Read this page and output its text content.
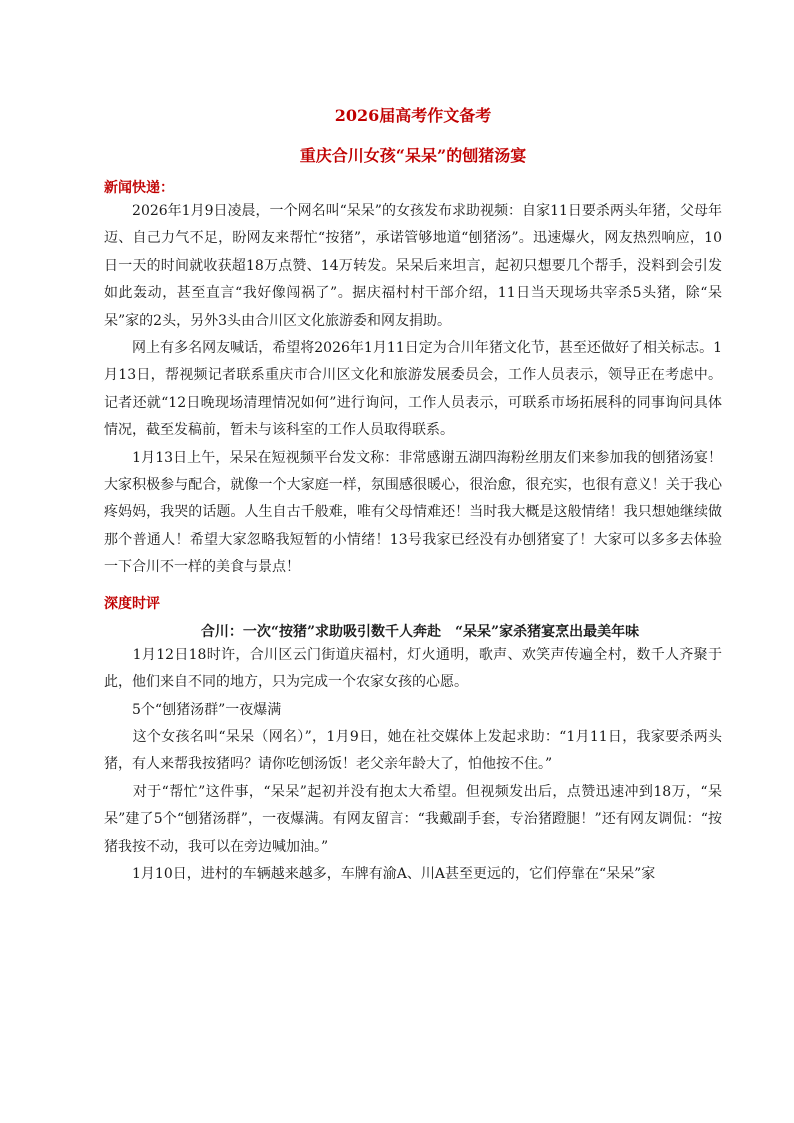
2026届高考作文备考
重庆合川女孩“呆呆”的刨猪汤宴
新闻快递：

　　2026年1月9日凌晨，一个网名叫“呆呆”的女孩发布求助视频：自家11日要杀两头年猪，父母年迈、自己力气不足，盼网友来帮忙“按猪”，承诺管够地道“刨猪汤”。迅速爆火，网友热烈响应，10日一天的时间就收获超18万点赞、14万转发。呆呆后来坦言，起初只想要几个帮手，没料到会引发如此轰动，甚至直言“我好像闯祸了”。据庆福村村干部介绍，11日当天现场共宰杀5头猪，除“呆呆”家的2头，另外3头由合川区文化旅游委和网友捐助。

　　网上有多名网友喊话，希望将2026年1月11日定为合川年猪文化节，甚至还做好了相关标志。1月13日，帮视频记者联系重庆市合川区文化和旅游发展委员会，工作人员表示，领导正在考虑中。记者还就“12日晚现场清理情况如何”进行询问，工作人员表示，可联系市场拓展科的同事询问具体情况，截至发稿前，暂未与该科室的工作人员取得联系。

　　1月13日上午，呆呆在短视频平台发文称：非常感谢五湖四海粉丝朋友们来参加我的刨猪汤宴！大家积极参与配合，就像一个大家庭一样，氛围感很暖心，很治愈，很充实，也很有意义！关于我心疼妈妈，我哭的话题。人生自古千般难，唯有父母情难还！当时我大概是这般情绪！我只想她继续做那个普通人！希望大家忽略我短暂的小情绪！13号我家已经没有办刨猪宴了！大家可以多多去体验一下合川不一样的美食与景点！

深度时评
合川：一次“按猪”求助吸引数千人奔赴　“呆呆”家杀猪宴烹出最美年味

　　1月12日18时许，合川区云门街道庆福村，灯火通明，歌声、欢笑声传遍全村，数千人齐聚于此，他们来自不同的地方，只为完成一个农家女孩的心愿。

　　5个“刨猪汤群”一夜爆满

　　这个女孩名叫“呆呆（网名）”，1月9日，她在社交媒体上发起求助：“1月11日，我家要杀两头猪，有人来帮我按猪吗？请你吃刨汤饭！老父亲年龄大了，怕他按不住。”

　　对于“帮忙”这件事，“呆呆”起初并没有抱太大希望。但视频发出后，点赞迅速冲到18万，“呆呆”建了5个“刨猪汤群”，一夜爆满。有网友留言：“我戴副手套，专治猪蹬腿！”还有网友调侃：“按猪我按不动，我可以在旁边喊加油。”

　　1月10日，进村的车辆越来越多，车牌有渝A、川A甚至更远的，它们停靠在“呆呆”家
